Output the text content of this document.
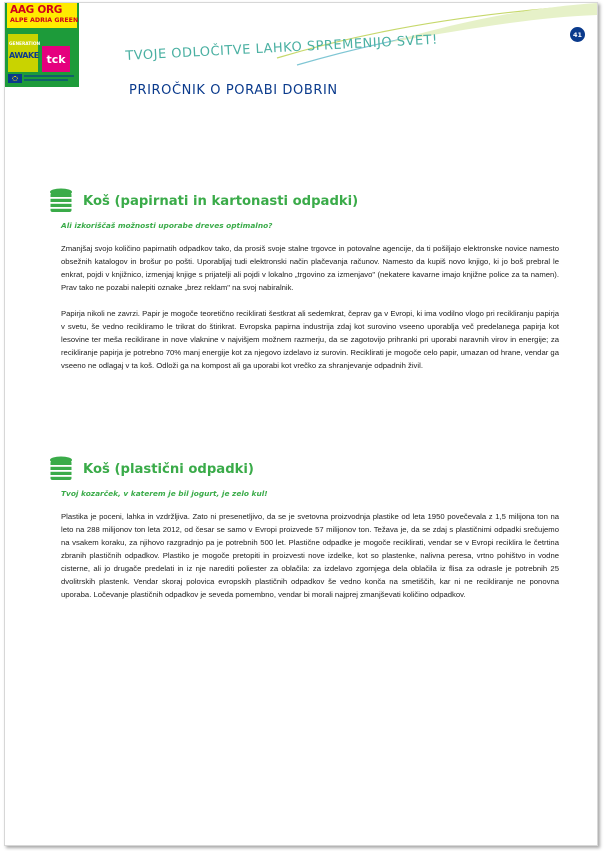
41
AAG ORG
ALPE ADRIA GREEN
GENERATION
AWAKE tck	TVOJE ODLOČITVE LAHKO SPREMENIJO SVET!
PRIROČNIK O PORABI DOBRIN
Koš (papirnati in kartonasti odpadki)
Ali izkoriščaš možnosti uporabe dreves optimalno?

Zmanjšaj svojo količino papirnatih odpadkov tako, da prosiš svoje stalne trgovce in potovalne agencije, da ti pošiljajo elektronske novice namesto obsežnih katalogov in brošur po pošti. Uporabljaj tudi elektronski način plačevanja računov. Namesto da kupiš novo knjigo, ki jo boš prebral le enkrat, pojdi v knjižnico, izmenjaj knjige s prijatelji ali pojdi v lokalno „trgovino za izmenjavo" (nekatere kavarne imajo knjižne police za ta namen). Prav tako ne pozabi nalepiti oznake „brez reklam" na svoj nabiralnik.

Papirja nikoli ne zavrzi. Papir je mogoče teoretično reciklirati šestkrat ali sedemkrat, čeprav ga v Evropi, ki ima vodilno vlogo pri recikliranju papirja v svetu, še vedno recikliramo le trikrat do štirikrat. Evropska papirna industrija zdaj kot surovino vseeno uporablja več predelanega papirja kot lesovine ter meša reciklirane in nove vlaknine v najvišjem možnem razmerju, da se zagotovijo prihranki pri uporabi naravnih virov in energije; za recikliranje papirja je potrebno 70% manj energije kot za njegovo izdelavo iz surovin. Reciklirati je mogoče celo papir, umazan od hrane, vendar ga vseeno ne odlagaj v ta koš. Odloži ga na kompost ali ga uporabi kot vrečko za shranjevanje odpadnih živil.

Koš (plastični odpadki)
Tvoj kozarček, v katerem je bil jogurt, je zelo kul!

Plastika je poceni, lahka in vzdržljiva. Zato ni presenetljivo, da se je svetovna proizvodnja plastike od leta 1950 povečevala z 1,5 milijona ton na leto na 288 milijonov ton leta 2012, od česar se samo v Evropi proizvede 57 milijonov ton. Težava je, da se zdaj s plastičnimi odpadki srečujemo na vsakem koraku, za njihovo razgradnjo pa je potrebnih 500 let. Plastične odpadke je mogoče reciklirati, vendar se v Evropi reciklira le četrtina zbranih plastičnih odpadkov. Plastiko je mogoče pretopiti in proizvesti nove izdelke, kot so plastenke, nalivna peresa, vrtno pohištvo in vodne cisterne, ali jo drugače predelati in iz nje narediti poliester za oblačila: za izdelavo zgornjega dela oblačila iz flisa za odrasle je potrebnih 25 dvolitrskih plastenk. Vendar skoraj polovica evropskih plastičnih odpadkov še vedno konča na smetiščih, kar ni ne recikliranje ne ponovna uporaba. Ločevanje plastičnih odpadkov je seveda pomembno, vendar bi morali najprej zmanjševati količino odpadkov.
